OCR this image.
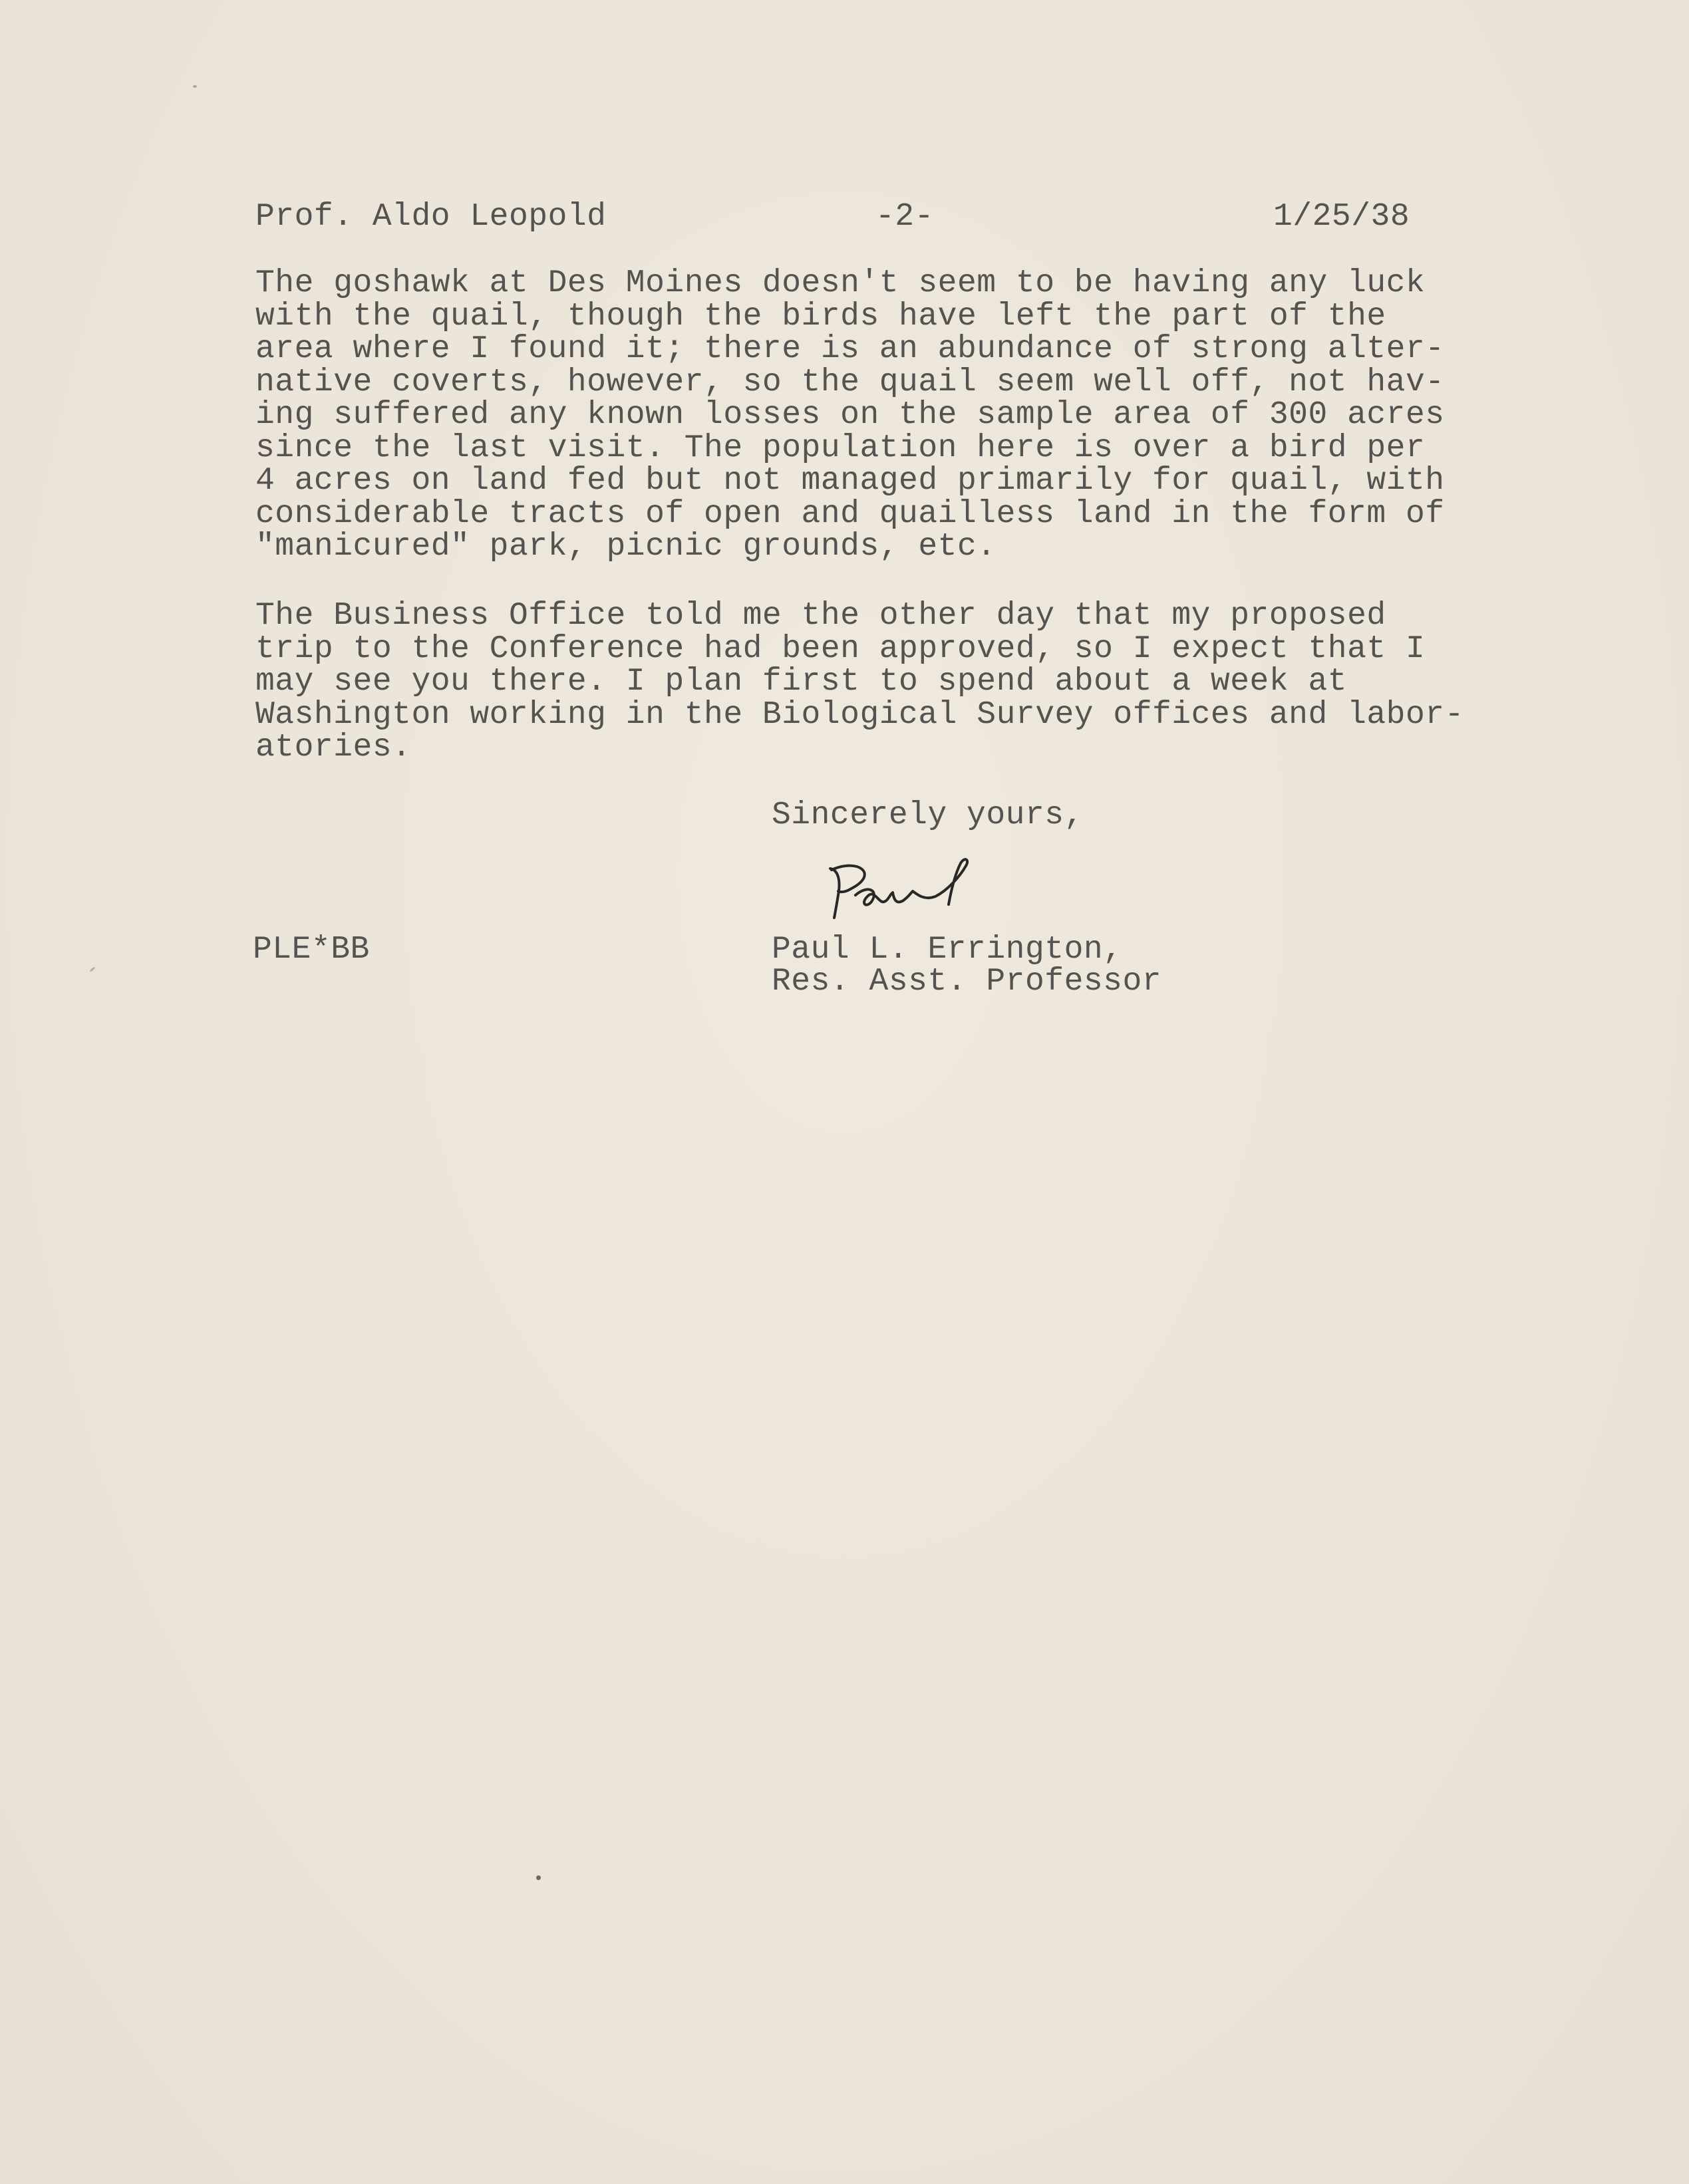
Prof. Aldo Leopold	-2-	1/25/38

The goshawk at Des Moines doesn't seem to be having any luck
with the quail, though the birds have left the part of the
area where I found it; there is an abundance of strong alter-
native coverts, however, so the quail seem well off, not hav-
ing suffered any known losses on the sample area of 300 acres
since the last visit. The population here is over a bird per
4 acres on land fed but not managed primarily for quail, with
considerable tracts of open and quailless land in the form of
"manicured" park, picnic grounds, etc.

The Business Office told me the other day that my proposed
trip to the Conference had been approved, so I expect that I
may see you there. I plan first to spend about a week at
Washington working in the Biological Survey offices and labor-
atories.

Sincerely yours,
PLE*BB	Paul L. Errington,
Res. Asst. Professor
